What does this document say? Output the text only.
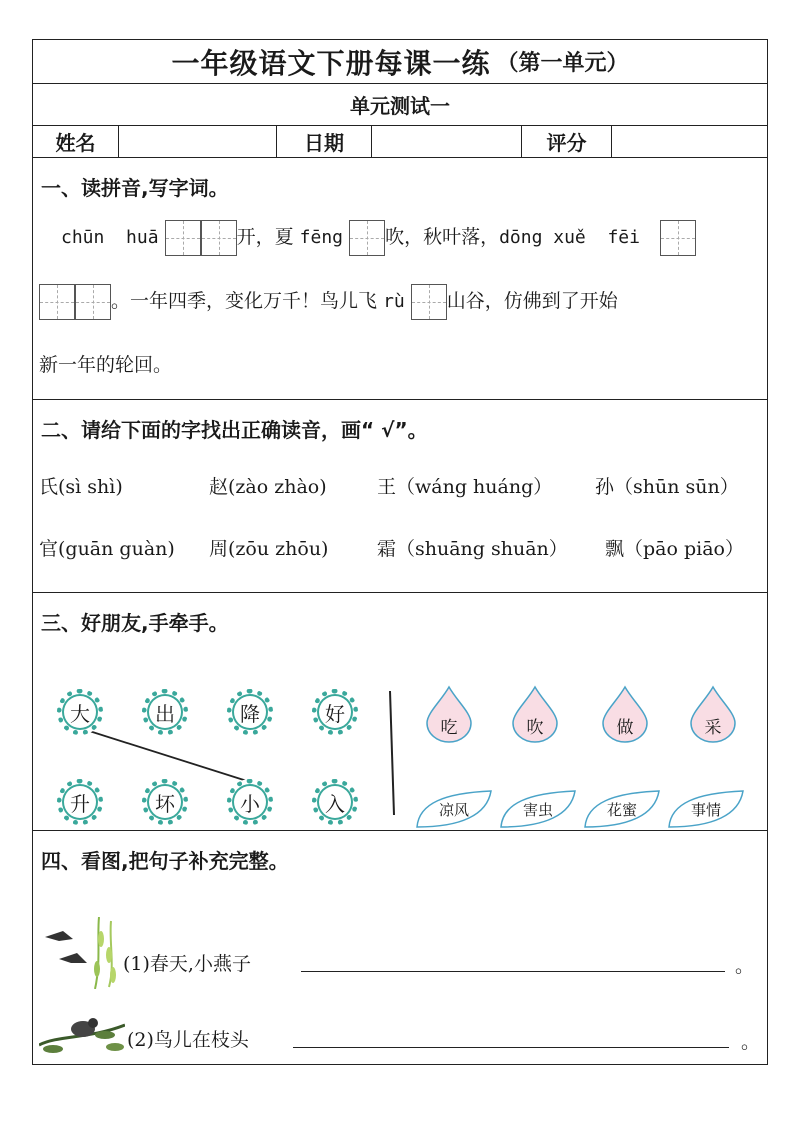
一年级语文下册每课一练 （第一单元）
单元测试一
姓名	日期	评分
一、读拼音,写字词。
chūn  huā	开，夏 fēng 吹，秋叶落，dōng xuě  fēi
。一年四季，变化万千！鸟儿飞 rù 山谷，仿佛到了开始
新一年的轮回。
二、请给下面的字找出正确读音，画“ √”。
氏(sì shì)	赵(zào zhào)	王（wáng huáng） 孙（shūn sūn）
官(guān guàn) 周(zōu zhōu)	霜（shuāng shuān） 飘（pāo piāo）
三、好朋友,手牵手。
大	出	降	好
升	坏	小	入
吃	吹	做	采
凉风	害虫	花蜜	事情
四、看图,把句子补充完整。
(1)春天,小燕子	。
(2)鸟儿在枝头	。
